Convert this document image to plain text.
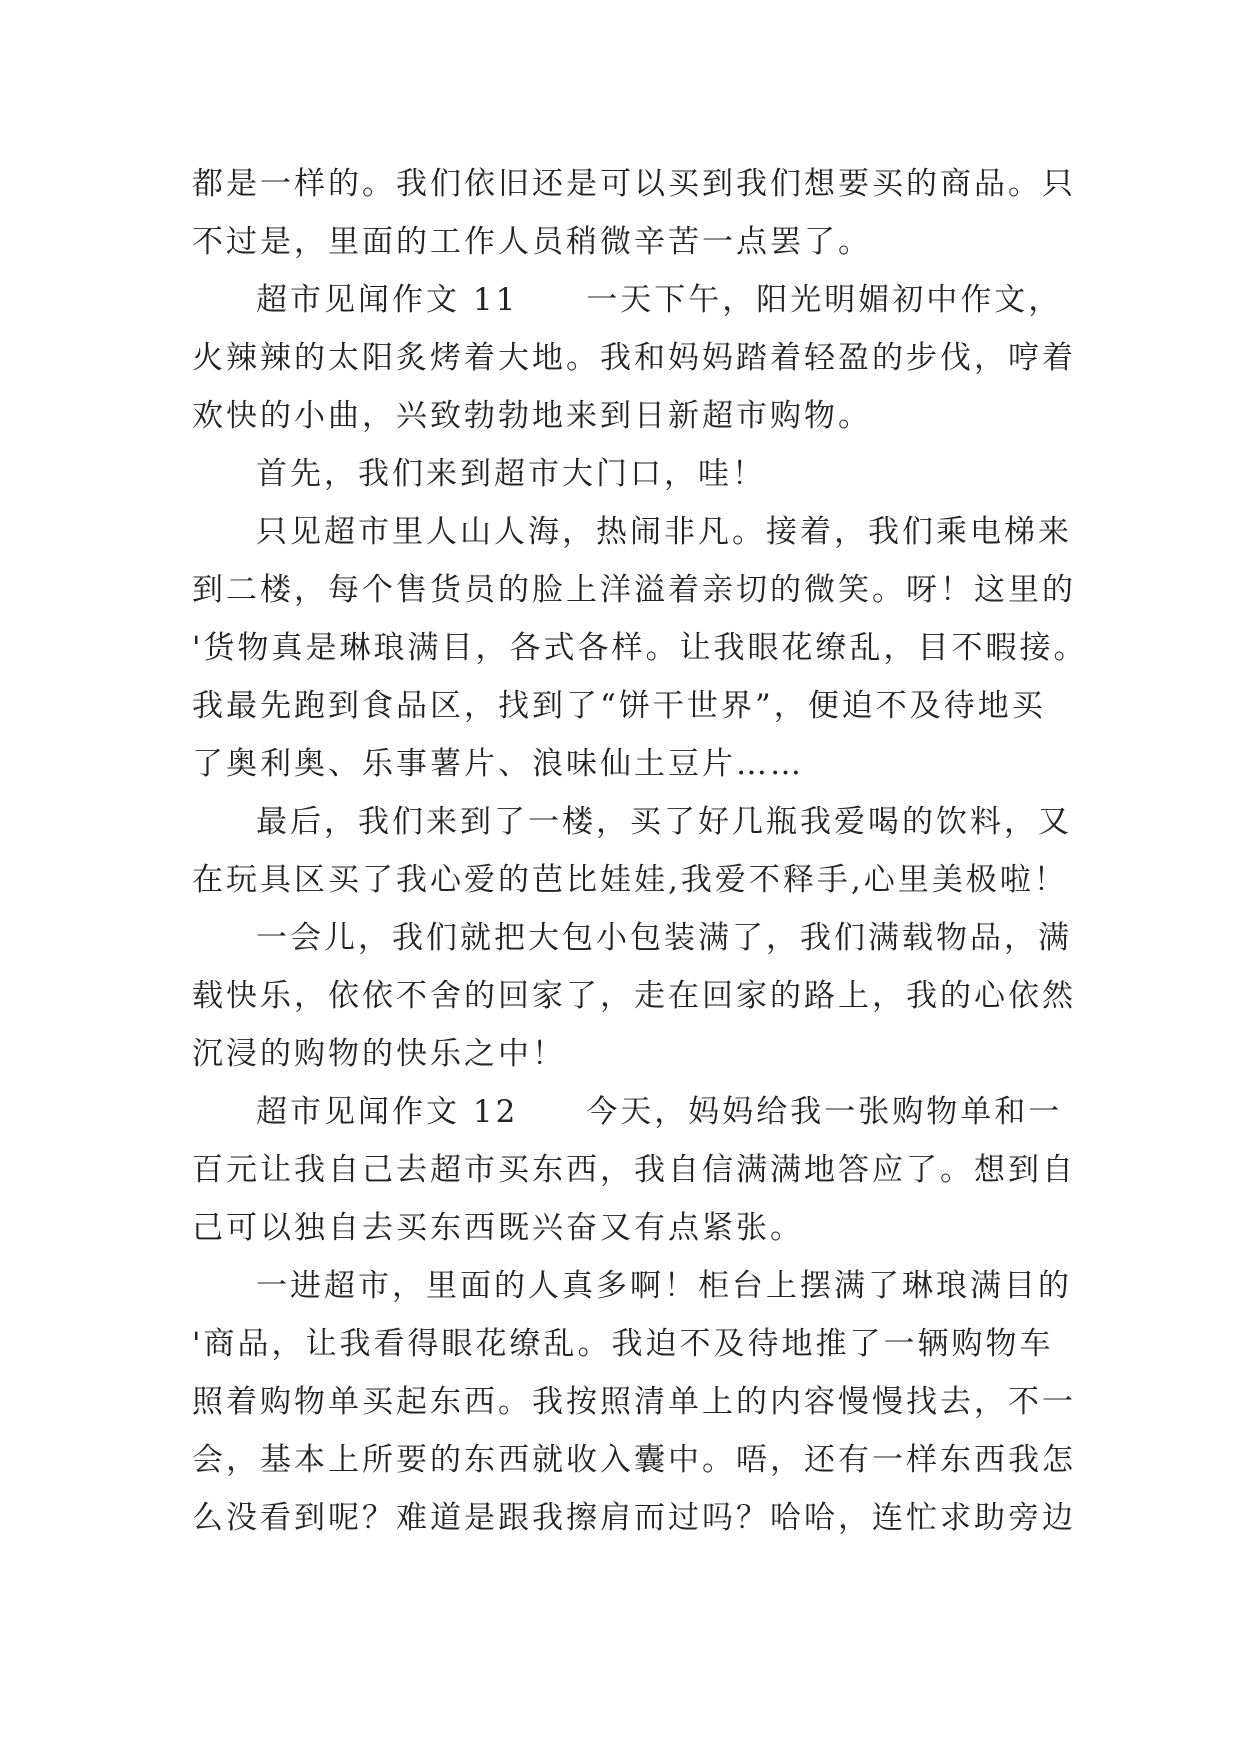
都是一样的。我们依旧还是可以买到我们想要买的商品。只
不过是，里面的工作人员稍微辛苦一点罢了。
超市见闻作文 11　　一天下午，阳光明媚初中作文，
火辣辣的太阳炙烤着大地。我和妈妈踏着轻盈的步伐，哼着
欢快的小曲，兴致勃勃地来到日新超市购物。
首先，我们来到超市大门口，哇！
只见超市里人山人海，热闹非凡。接着，我们乘电梯来
到二楼，每个售货员的脸上洋溢着亲切的微笑。呀！这里的
'货物真是琳琅满目，各式各样。让我眼花缭乱，目不暇接。
我最先跑到食品区，找到了“饼干世界”，便迫不及待地买
了奥利奥、乐事薯片、浪味仙土豆片……
最后，我们来到了一楼，买了好几瓶我爱喝的饮料，又
在玩具区买了我心爱的芭比娃娃,我爱不释手,心里美极啦！
一会儿，我们就把大包小包装满了，我们满载物品，满
载快乐，依依不舍的回家了，走在回家的路上，我的心依然
沉浸的购物的快乐之中！
超市见闻作文 12　　今天，妈妈给我一张购物单和一
百元让我自己去超市买东西，我自信满满地答应了。想到自
己可以独自去买东西既兴奋又有点紧张。
一进超市，里面的人真多啊！柜台上摆满了琳琅满目的
'商品，让我看得眼花缭乱。我迫不及待地推了一辆购物车
照着购物单买起东西。我按照清单上的内容慢慢找去，不一
会，基本上所要的东西就收入囊中。唔，还有一样东西我怎
么没看到呢？难道是跟我擦肩而过吗？哈哈，连忙求助旁边
